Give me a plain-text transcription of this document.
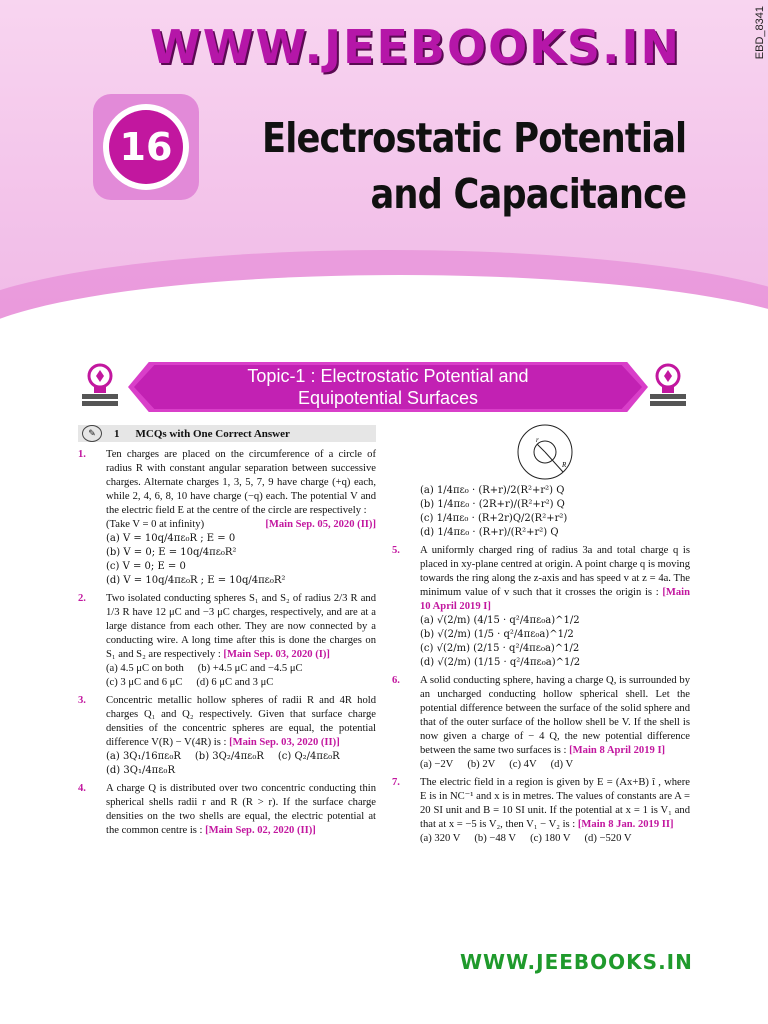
WWW.JEEBOOKS.IN	EBD_8341
16 Electrostatic Potential
and Capacitance
Topic-1 : Electrostatic Potential and
Equipotential Surfaces
✎	1 MCQs with One Correct Answer
1. Ten charges are placed on the circumference of a circle of radius R with constant angular separation between successive charges. Alternate charges 1, 3, 5, 7, 9 have charge (+q) each, while 2, 4, 6, 8, 10 have charge (−q) each. The potential V and the electric field E at the centre of the circle are respectively :
(Take V = 0 at infinity)	[Main Sep. 05, 2020 (II)]
(a) V = 10q/4πε₀R ; E = 0
(b) V = 0; E = 10q/4πε₀R²
(c) V = 0; E = 0
(d) V = 10q/4πε₀R ; E = 10q/4πε₀R²
2. Two isolated conducting spheres S₁ and S₂ of radius 2/3 R and 1/3 R have 12 μC and −3 μC charges, respectively, and are at a large distance from each other. They are now connected by a conducting wire. A long time after this is done the charges on S₁ and S₂ are respectively : [Main Sep. 03, 2020 (I)]
(a) 4.5 μC on both (b) +4.5 μC and −4.5 μC
(c) 3 μC and 6 μC (d) 6 μC and 3 μC
3. Concentric metallic hollow spheres of radii R and 4R hold charges Q₁ and Q₂ respectively. Given that surface charge densities of the concentric spheres are equal, the potential difference V(R) − V(4R) is : [Main Sep. 03, 2020 (II)]
(a) 3Q₁/16πε₀R (b) 3Q₂/4πε₀R (c) Q₂/4πε₀R
(d) 3Q₁/4πε₀R
4. A charge Q is distributed over two concentric conducting thin spherical shells radii r and R (R > r). If the surface charge densities on the two shells are equal, the electric potential at the common centre is : [Main Sep. 02, 2020 (II)]
r
R
(a) 1/4πε₀ · (R+r)/2(R²+r²) Q
(b) 1/4πε₀ · (2R+r)/(R²+r²) Q
(c) 1/4πε₀ · (R+2r)Q/2(R²+r²)
(d) 1/4πε₀ · (R+r)/(R²+r²) Q
5. A uniformly charged ring of radius 3a and total charge q is placed in xy-plane centred at origin. A point charge q is moving towards the ring along the z-axis and has speed v at z = 4a. The minimum value of v such that it crosses the origin is : [Main 10 April 2019 I]
(a) √(2/m) (4/15 · q²/4πε₀a)^1/2
(b) √(2/m) (1/5 · q²/4πε₀a)^1/2
(c) √(2/m) (2/15 · q²/4πε₀a)^1/2
(d) √(2/m) (1/15 · q²/4πε₀a)^1/2
6. A solid conducting sphere, having a charge Q, is surrounded by an uncharged conducting hollow spherical shell. Let the potential difference between the surface of the solid sphere and that of the outer surface of the hollow shell be V. If the shell is now given a charge of − 4 Q, the new potential difference between the same two surfaces is : [Main 8 April 2019 I]
(a) −2V (b) 2V (c) 4V (d) V
7. The electric field in a region is given by E = (Ax+B) î , where E is in NC⁻¹ and x is in metres. The values of constants are A = 20 SI unit and B = 10 SI unit. If the potential at x = 1 is V₁ and that at x = −5 is V₂, then V₁ − V₂ is : [Main 8 Jan. 2019 II]
(a) 320 V (b) −48 V (c) 180 V (d) −520 V
WWW.JEEBOOKS.IN
